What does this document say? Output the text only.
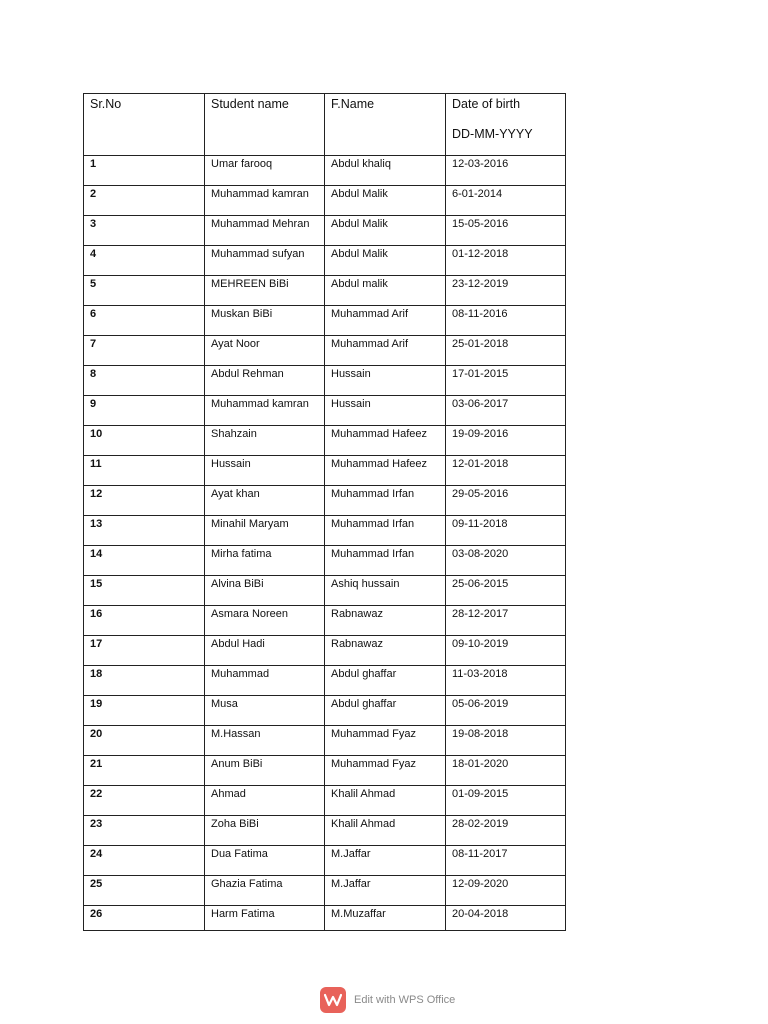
Sr.No	Student name	F.Name	Date of birth
DD-MM-YYYY

1	Umar farooq	Abdul khaliq	12-03-2016
2	Muhammad kamran	Abdul Malik	6-01-2014
3	Muhammad Mehran	Abdul Malik	15-05-2016
4	Muhammad sufyan	Abdul Malik	01-12-2018
5	MEHREEN BiBi	Abdul malik	23-12-2019
6	Muskan BiBi	Muhammad Arif	08-11-2016
7	Ayat Noor	Muhammad Arif	25-01-2018
8	Abdul Rehman	Hussain	17-01-2015
9	Muhammad kamran	Hussain	03-06-2017
10	Shahzain	Muhammad Hafeez	19-09-2016
11	Hussain	Muhammad Hafeez	12-01-2018
12	Ayat khan	Muhammad Irfan	29-05-2016
13	Minahil Maryam	Muhammad Irfan	09-11-2018
14	Mirha fatima	Muhammad Irfan	03-08-2020
15	Alvina BiBi	Ashiq hussain	25-06-2015
16	Asmara Noreen	Rabnawaz	28-12-2017
17	Abdul Hadi	Rabnawaz	09-10-2019
18	Muhammad	Abdul ghaffar	11-03-2018
19	Musa	Abdul ghaffar	05-06-2019
20	M.Hassan	Muhammad Fyaz	19-08-2018
21	Anum BiBi	Muhammad Fyaz	18-01-2020
22	Ahmad	Khalil Ahmad	01-09-2015
23	Zoha BiBi	Khalil Ahmad	28-02-2019
24	Dua Fatima	M.Jaffar	08-11-2017
25	Ghazia Fatima	M.Jaffar	12-09-2020
26	Harm Fatima	M.Muzaffar	20-04-2018
Edit with WPS Office
